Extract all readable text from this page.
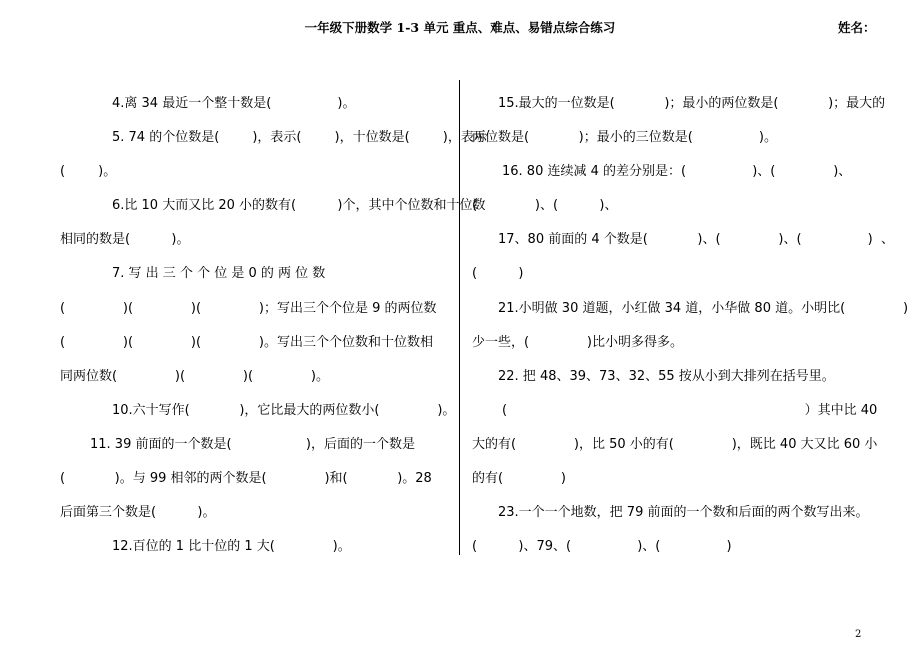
一年级下册数学 1-3 单元 重点、难点、易错点综合练习	姓名：

4.离 34 最近一个整十数是(                )。

5. 74 的个位数是(        )，表示(        )，十位数是(        )，表示

(        )。

6.比 10 大而又比 20 小的数有(          )个，其中个位数和十位数

相同的数是(          )。

7. 写 出 三 个 个 位 是 0 的 两 位 数

(              )(              )(              )；写出三个个位是 9 的两位数

(              )(              )(              )。写出三个个位数和十位数相

同两位数(              )(              )(              )。

10.六十写作(            )，它比最大的两位数小(              )。

11. 39 前面的一个数是(                  )，后面的一个数是

(            )。与 99 相邻的两个数是(              )和(            )。28

后面第三个数是(          )。

12.百位的 1 比十位的 1 大(              )。

15.最大的一位数是(            )；最小的两位数是(            )；最大的

两位数是(            )；最小的三位数是(                )。

16. 80 连续减 4 的差分别是：(                )、(              )、

(              )、(          )、

17、80 前面的 4 个数是(            )、(              )、(                )  、

(          )

21.小明做 30 道题，小红做 34 道，小华做 80 道。小明比(              )

少一些，(              )比小明多得多。

22. 把 48、39、73、32、55 按从小到大排列在括号里。

(                                                                        ）其中比 40

大的有(              )，比 50 小的有(              )，既比 40 大又比 60 小

的有(              )

23.一个一个地数，把 79 前面的一个数和后面的两个数写出来。

(          )、79、(                )、(                )

2
